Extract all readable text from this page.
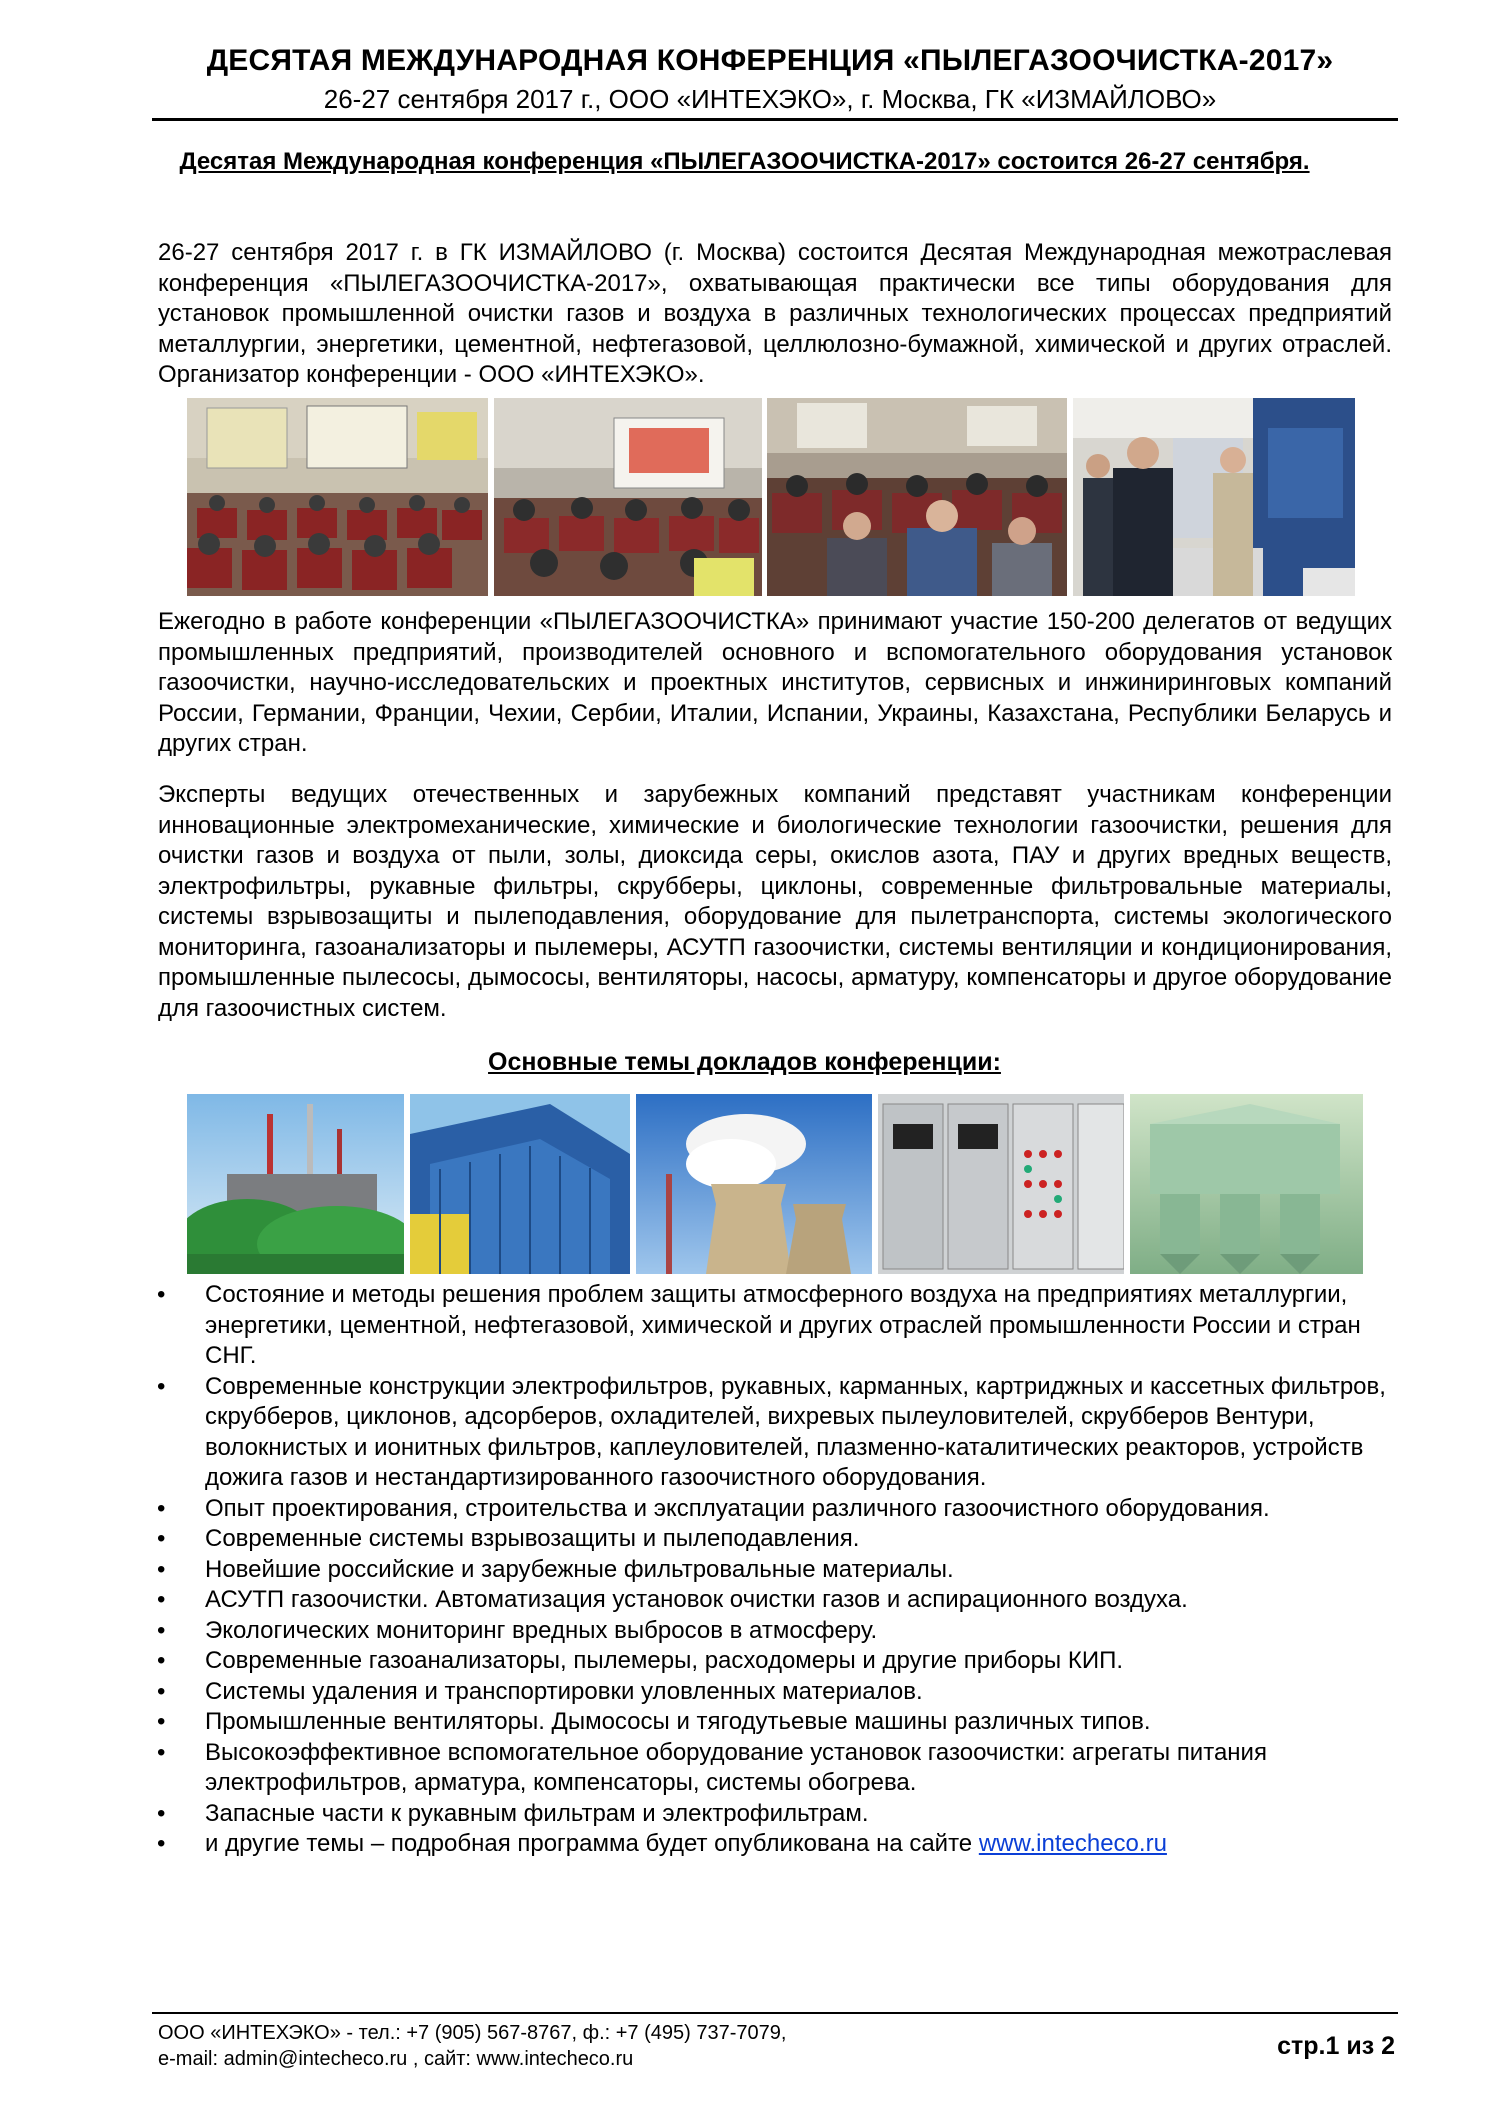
ДЕСЯТАЯ МЕЖДУНАРОДНАЯ КОНФЕРЕНЦИЯ «ПЫЛЕГАЗООЧИСТКА-2017»
26-27 сентября 2017 г., ООО «ИНТЕХЭКО», г. Москва, ГК «ИЗМАЙЛОВО»
Десятая Международная конференция «ПЫЛЕГАЗООЧИСТКА-2017» состоится 26-27 сентября.
26-27 сентября 2017 г. в ГК ИЗМАЙЛОВО (г. Москва) состоится Десятая Международная межотраслевая конференция «ПЫЛЕГАЗООЧИСТКА-2017», охватывающая практически все типы оборудования для установок промышленной очистки газов и воздуха в различных технологических процессах предприятий металлургии, энергетики, цементной, нефтегазовой, целлюлозно-бумажной, химической и других отраслей. Организатор конференции - ООО «ИНТЕХЭКО».
Ежегодно в работе конференции «ПЫЛЕГАЗООЧИСТКА» принимают участие 150-200 делегатов от ведущих промышленных предприятий, производителей основного и вспомогательного оборудования установок газоочистки, научно-исследовательских и проектных институтов, сервисных и инжиниринговых компаний России, Германии, Франции, Чехии, Сербии, Италии, Испании, Украины, Казахстана, Республики Беларусь и других стран.
Эксперты ведущих отечественных и зарубежных компаний представят участникам конференции инновационные электромеханические, химические и биологические технологии газоочистки, решения для очистки газов и воздуха от пыли, золы, диоксида серы, окислов азота, ПАУ и других вредных веществ, электрофильтры, рукавные фильтры, скрубберы, циклоны, современные фильтровальные материалы, системы взрывозащиты и пылеподавления, оборудование для пылетранспорта, системы экологического мониторинга, газоанализаторы и пылемеры, АСУТП газоочистки, системы вентиляции и кондиционирования, промышленные пылесосы, дымососы, вентиляторы, насосы, арматуру, компенсаторы и другое оборудование для газоочистных систем.
Основные темы докладов конференции:
• Состояние и методы решения проблем защиты атмосферного воздуха на предприятиях металлургии, энергетики, цементной, нефтегазовой, химической и других отраслей промышленности России и стран СНГ.
• Современные конструкции электрофильтров, рукавных, карманных, картриджных и кассетных фильтров, скрубберов, циклонов, адсорберов, охладителей, вихревых пылеуловителей, скрубберов Вентури, волокнистых и ионитных фильтров, каплеуловителей, плазменно-каталитических реакторов, устройств дожига газов и нестандартизированного газоочистного оборудования.
• Опыт проектирования, строительства и эксплуатации различного газоочистного оборудования.
• Современные системы взрывозащиты и пылеподавления.
• Новейшие российские и зарубежные фильтровальные материалы.
• АСУТП газоочистки. Автоматизация установок очистки газов и аспирационного воздуха.
• Экологических мониторинг вредных выбросов в атмосферу.
• Современные газоанализаторы, пылемеры, расходомеры и другие приборы КИП.
• Системы удаления и транспортировки уловленных материалов.
• Промышленные вентиляторы. Дымососы и тягодутьевые машины различных типов.
• Высокоэффективное вспомогательное оборудование установок газоочистки: агрегаты питания электрофильтров, арматура, компенсаторы, системы обогрева.
• Запасные части к рукавным фильтрам и электрофильтрам.
• и другие темы – подробная программа будет опубликована на сайте www.intecheco.ru
ООО «ИНТЕХЭКО» - тел.: +7 (905) 567-8767, ф.: +7 (495) 737-7079,
e-mail: admin@intecheco.ru , сайт: www.intecheco.ru	стр.1 из 2
